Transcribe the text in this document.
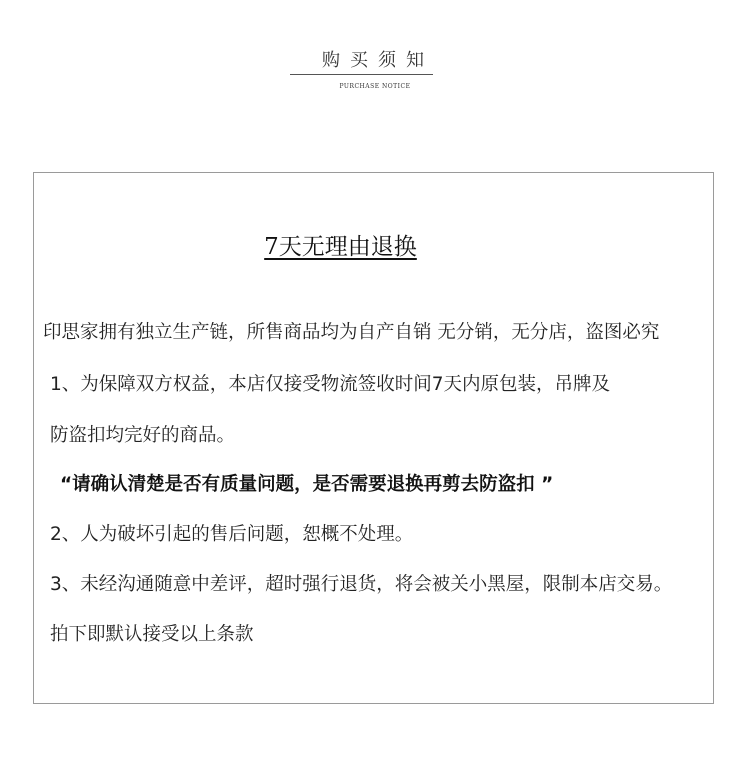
购买须知
PURCHASE NOTICE
7天无理由退换
印思家拥有独立生产链，所售商品均为自产自销 无分销，无分店，盗图必究
1、为保障双方权益，本店仅接受物流签收时间7天内原包装，吊牌及
防盗扣均完好的商品。
“请确认清楚是否有质量问题，是否需要退换再剪去防盗扣 ”
2、人为破坏引起的售后问题，恕概不处理。
3、未经沟通随意中差评，超时强行退货，将会被关小黑屋，限制本店交易。
拍下即默认接受以上条款
